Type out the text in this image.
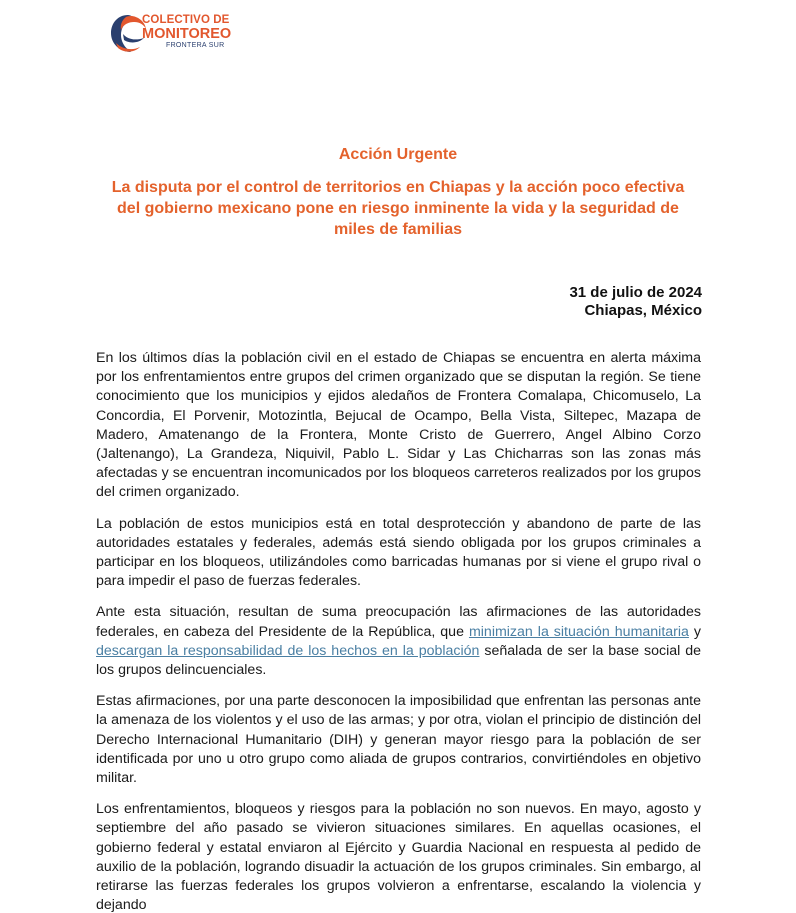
COLECTIVO DE
MONITOREO
FRONTERA SUR
Acción Urgente
La disputa por el control de territorios en Chiapas y la acción poco efectiva del gobierno mexicano pone en riesgo inminente la vida y la seguridad de miles de familias
31 de julio de 2024
Chiapas, México

En los últimos días la población civil en el estado de Chiapas se encuentra en alerta máxima por los enfrentamientos entre grupos del crimen organizado que se disputan la región. Se tiene conocimiento que los municipios y ejidos aledaños de Frontera Comalapa, Chicomuselo, La Concordia, El Porvenir, Motozintla, Bejucal de Ocampo, Bella Vista, Siltepec, Mazapa de Madero, Amatenango de la Frontera, Monte Cristo de Guerrero, Angel Albino Corzo (Jaltenango), La Grandeza, Niquivil, Pablo L. Sidar y Las Chicharras son las zonas más afectadas y se encuentran incomunicados por los bloqueos carreteros realizados por los grupos del crimen organizado.

La población de estos municipios está en total desprotección y abandono de parte de las autoridades estatales y federales, además está siendo obligada por los grupos criminales a participar en los bloqueos, utilizándoles como barricadas humanas por si viene el grupo rival o para impedir el paso de fuerzas federales.

Ante esta situación, resultan de suma preocupación las afirmaciones de las autoridades federales, en cabeza del Presidente de la República, que minimizan la situación humanitaria y descargan la responsabilidad de los hechos en la población señalada de ser la base social de los grupos delincuenciales.

Estas afirmaciones, por una parte desconocen la imposibilidad que enfrentan las personas ante la amenaza de los violentos y el uso de las armas; y por otra, violan el principio de distinción del Derecho Internacional Humanitario (DIH) y generan mayor riesgo para la población de ser identificada por uno u otro grupo como aliada de grupos contrarios, convirtiéndoles en objetivo militar.

Los enfrentamientos, bloqueos y riesgos para la población no son nuevos. En mayo, agosto y septiembre del año pasado se vivieron situaciones similares. En aquellas ocasiones, el gobierno federal y estatal enviaron al Ejército y Guardia Nacional en respuesta al pedido de auxilio de la población, logrando disuadir la actuación de los grupos criminales. Sin embargo, al retirarse las fuerzas federales los grupos volvieron a enfrentarse, escalando la violencia y dejando
